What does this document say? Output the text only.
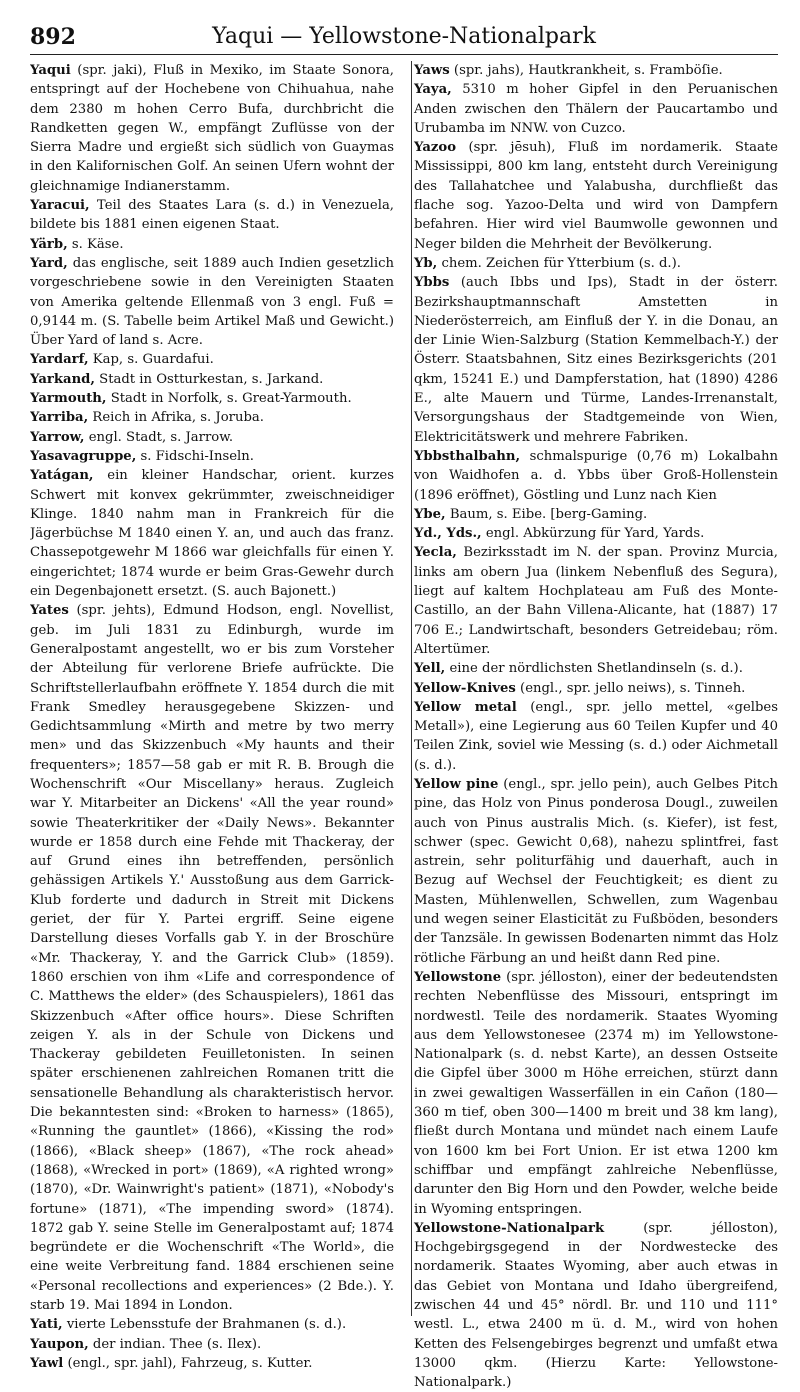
892	Yaqui — Yellowstone-Nationalpark

Yaqui (spr. jaki), Fluß in Mexiko, im Staate Sonora, entspringt auf der Hochebene von Chihuahua, nahe dem 2380 m hohen Cerro Bufa, durchbricht die Randketten gegen W., empfängt Zuflüsse von der Sierra Madre und ergießt sich südlich von Guaymas in den Kalifornischen Golf. An seinen Ufern wohnt der gleichnamige Indianerstamm.

Yaracui, Teil des Staates Lara (s. d.) in Venezuela, bildete bis 1881 einen eigenen Staat.

Yärb, s. Käse.

Yard, das englische, seit 1889 auch Indien gesetzlich vorgeschriebene sowie in den Vereinigten Staaten von Amerika geltende Ellenmaß von 3 engl. Fuß = 0,9144 m. (S. Tabelle beim Artikel Maß und Gewicht.) Über Yard of land s. Acre.

Yardarf, Kap, s. Guardafui.

Yarkand, Stadt in Ostturkestan, s. Jarkand.

Yarmouth, Stadt in Norfolk, s. Great-Yarmouth.

Yarriba, Reich in Afrika, s. Joruba.

Yarrow, engl. Stadt, s. Jarrow.

Yasavagruppe, s. Fidschi-Inseln.

Yatágan, ein kleiner Handschar, orient. kurzes Schwert mit konvex gekrümmter, zweischneidiger Klinge. 1840 nahm man in Frankreich für die Jägerbüchse M 1840 einen Y. an, und auch das franz. Chassepotgewehr M 1866 war gleichfalls für einen Y. eingerichtet; 1874 wurde er beim Gras-Gewehr durch ein Degenbajonett ersetzt. (S. auch Bajonett.)

Yates (spr. jehts), Edmund Hodson, engl. Novellist, geb. im Juli 1831 zu Edinburgh, wurde im Generalpostamt angestellt, wo er bis zum Vorsteher der Abteilung für verlorene Briefe aufrückte. Die Schriftstellerlaufbahn eröffnete Y. 1854 durch die mit Frank Smedley herausgegebene Skizzen- und Gedichtsammlung «Mirth and metre by two merry men» und das Skizzenbuch «My haunts and their frequenters»; 1857—58 gab er mit R. B. Brough die Wochenschrift «Our Miscellany» heraus. Zugleich war Y. Mitarbeiter an Dickens' «All the year round» sowie Theaterkritiker der «Daily News». Bekannter wurde er 1858 durch eine Fehde mit Thackeray, der auf Grund eines ihn betreffenden, persönlich gehässigen Artikels Y.' Ausstoßung aus dem Garrick-Klub forderte und dadurch in Streit mit Dickens geriet, der für Y. Partei ergriff. Seine eigene Darstellung dieses Vorfalls gab Y. in der Broschüre «Mr. Thackeray, Y. and the Garrick Club» (1859). 1860 erschien von ihm «Life and correspondence of C. Matthews the elder» (des Schauspielers), 1861 das Skizzenbuch «After office hours». Diese Schriften zeigen Y. als in der Schule von Dickens und Thackeray gebildeten Feuilletonisten. In seinen später erschienenen zahlreichen Romanen tritt die sensationelle Behandlung als charakteristisch hervor. Die bekanntesten sind: «Broken to harness» (1865), «Running the gauntlet» (1866), «Kissing the rod» (1866), «Black sheep» (1867), «The rock ahead» (1868), «Wrecked in port» (1869), «A righted wrong» (1870), «Dr. Wainwright's patient» (1871), «Nobody's fortune» (1871), «The impending sword» (1874). 1872 gab Y. seine Stelle im Generalpostamt auf; 1874 begründete er die Wochenschrift «The World», die eine weite Verbreitung fand. 1884 erschienen seine «Personal recollections and experiences» (2 Bde.). Y. starb 19. Mai 1894 in London.

Yati, vierte Lebensstufe der Brahmanen (s. d.).

Yaupon, der indian. Thee (s. Ilex).

Yawl (engl., spr. jahl), Fahrzeug, s. Kutter.

Yaws (spr. jahs), Hautkrankheit, s. Framböſie.

Yaya, 5310 m hoher Gipfel in den Peruanischen Anden zwischen den Thälern der Paucartambo und Urubamba im NNW. von Cuzco.

Yazoo (spr. jēsuh), Fluß im nordamerik. Staate Mississippi, 800 km lang, entsteht durch Vereinigung des Tallahatchee und Yalabusha, durchfließt das flache sog. Yazoo-Delta und wird von Dampfern befahren. Hier wird viel Baumwolle gewonnen und Neger bilden die Mehrheit der Bevölkerung.

Yb, chem. Zeichen für Ytterbium (s. d.).

Ybbs (auch Ibbs und Ips), Stadt in der österr. Bezirkshauptmannschaft Amstetten in Niederösterreich, am Einfluß der Y. in die Donau, an der Linie Wien-Salzburg (Station Kemmelbach-Y.) der Österr. Staatsbahnen, Sitz eines Bezirksgerichts (201 qkm, 15241 E.) und Dampferstation, hat (1890) 4286 E., alte Mauern und Türme, Landes-Irrenanstalt, Versorgungshaus der Stadtgemeinde von Wien, Elektricitätswerk und mehrere Fabriken.

Ybbsthalbahn, schmalspurige (0,76 m) Lokalbahn von Waidhofen a. d. Ybbs über Groß-Hollenstein (1896 eröffnet), Göstling und Lunz nach Kien

Ybe, Baum, s. Eibe. [berg-Gaming.

Yd., Yds., engl. Abkürzung für Yard, Yards.

Yecla, Bezirksstadt im N. der span. Provinz Murcia, links am obern Jua (linkem Nebenfluß des Segura), liegt auf kaltem Hochplateau am Fuß des Monte-Castillo, an der Bahn Villena-Alicante, hat (1887) 17 706 E.; Landwirtschaft, besonders Getreidebau; röm. Altertümer.

Yell, eine der nördlichsten Shetlandinseln (s. d.).

Yellow-Knives (engl., spr. jello neiws), s. Tinneh.

Yellow metal (engl., spr. jello mettel, «gelbes Metall»), eine Legierung aus 60 Teilen Kupfer und 40 Teilen Zink, soviel wie Messing (s. d.) oder Aichmetall (s. d.).

Yellow pine (engl., spr. jello pein), auch Gelbes Pitch pine, das Holz von Pinus ponderosa Dougl., zuweilen auch von Pinus australis Mich. (s. Kiefer), ist fest, schwer (spec. Gewicht 0,68), nahezu splintfrei, fast astrein, sehr politurfähig und dauerhaft, auch in Bezug auf Wechsel der Feuchtigkeit; es dient zu Masten, Mühlenwellen, Schwellen, zum Wagenbau und wegen seiner Elasticität zu Fußböden, besonders der Tanzsäle. In gewissen Bodenarten nimmt das Holz rötliche Färbung an und heißt dann Red pine.

Yellowstone (spr. jélloston), einer der bedeutendsten rechten Nebenflüsse des Missouri, entspringt im nordwestl. Teile des nordamerik. Staates Wyoming aus dem Yellowstonesee (2374 m) im Yellowstone-Nationalpark (s. d. nebst Karte), an dessen Ostseite die Gipfel über 3000 m Höhe erreichen, stürzt dann in zwei gewaltigen Wasserfällen in ein Cañon (180—360 m tief, oben 300—1400 m breit und 38 km lang), fließt durch Montana und mündet nach einem Laufe von 1600 km bei Fort Union. Er ist etwa 1200 km schiffbar und empfängt zahlreiche Nebenflüsse, darunter den Big Horn und den Powder, welche beide in Wyoming entspringen.

Yellowstone-Nationalpark	(spr. jélloston), Hochgebirgsgegend in der Nordwestecke des nordamerik. Staates Wyoming, aber auch etwas in das Gebiet von Montana und Idaho übergreifend, zwischen 44 und 45° nördl. Br. und 110 und 111° westl. L., etwa 2400 m ü. d. M., wird von hohen Ketten des Felsengebirges begrenzt und umfaßt etwa 13000 qkm. (Hierzu Karte: Yellowstone-Nationalpark.)
